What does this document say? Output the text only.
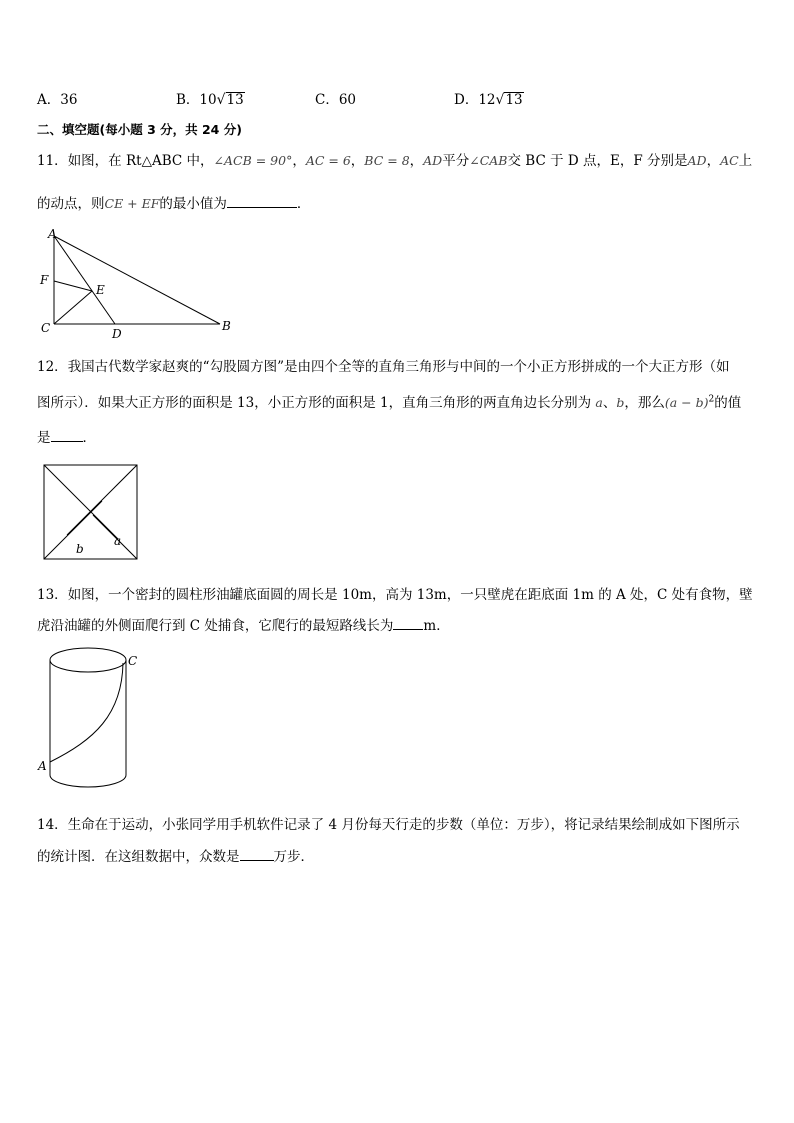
A．36	B．10√13	C．60	D．12√13
二、填空题(每小题 3 分，共 24 分)
11．如图，在 Rt△ABC 中，∠ACB = 90°，AC = 6，BC = 8，AD平分∠CAB交 BC 于 D 点，E，F 分别是AD，AC上
的动点，则CE + EF的最小值为	．
A
F
E
C	D
B
12．我国古代数学家赵爽的“勾股圆方图”是由四个全等的直角三角形与中间的一个小正方形拼成的一个大正方形（如
图所示）．如果大正方形的面积是 13，小正方形的面积是 1，直角三角形的两直角边长分别为 a、b，那么$(a - b)^2$的值
是 ．
b
a
13．如图，一个密封的圆柱形油罐底面圆的周长是 10m，高为 13m，一只壁虎在距底面 1m 的 A 处，C 处有食物，壁
虎沿油罐的外侧面爬行到 C 处捕食，它爬行的最短路线长为 m．
C
A
14．生命在于运动，小张同学用手机软件记录了 4 月份每天行走的步数（单位：万步），将记录结果绘制成如下图所示
的统计图．在这组数据中，众数是	万步．
